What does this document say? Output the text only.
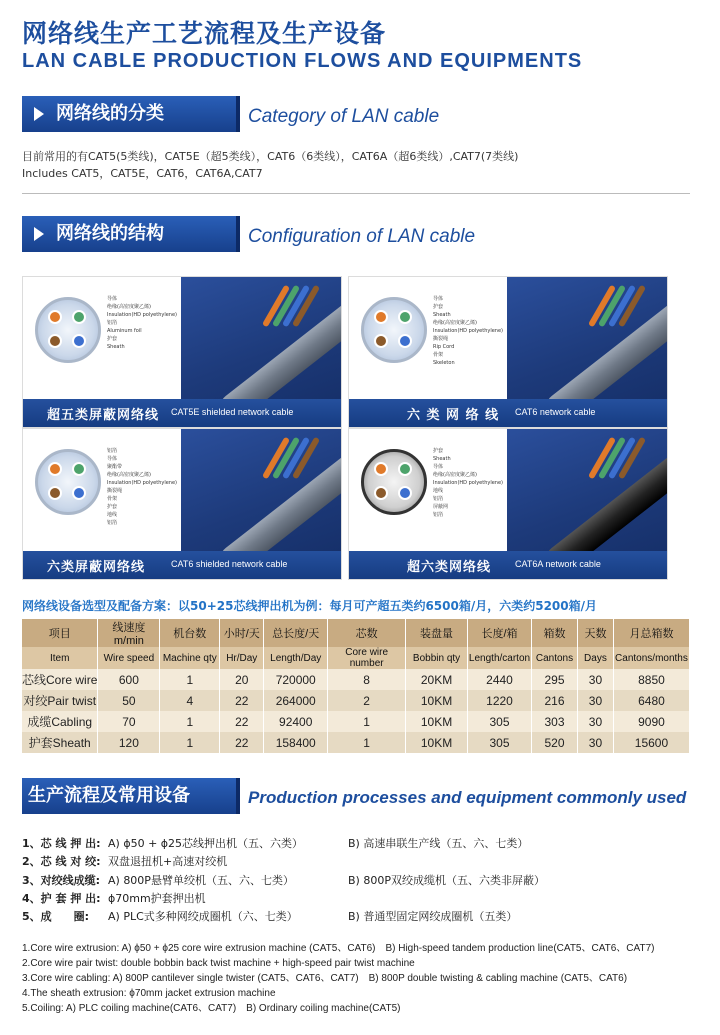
网络线生产工艺流程及生产设备
LAN CABLE PRODUCTION FLOWS AND EQUIPMENTS
网络线的分类	Category of LAN cable
目前常用的有CAT5(5类线)，CAT5E（超5类线），CAT6（6类线），CAT6A（超6类线）,CAT7(7类线)
Includes CAT5，CAT5E，CAT6，CAT6A,CAT7
网络线的结构	Configuration of LAN cable
导体
绝缘(高密度聚乙烯)
Insulation(HD polyethylene)
铝箔
Aluminum foil
护套
Sheath
超五类屏蔽网络线 CAT5E shielded network cable
导体
护套
Sheath
绝缘(高密度聚乙烯)
Insulation(HD polyethylene)
撕裂绳
Rip Cord
骨架
Skeleton
六 类 网 络 线 CAT6 network cable
铝箔
导体
聚酯带
绝缘(高密度聚乙烯)
Insulation(HD polyethylene)
撕裂绳
骨架
护套
地线
铝箔
六类屏蔽网络线	CAT6 shielded network cable
护套
Sheath
导体
绝缘(高密度聚乙烯)
Insulation(HD polyethylene)
地线
铝箔
屏蔽网
铝箔
超六类网络线	CAT6A network cable
网络线设备选型及配备方案：以50+25芯线押出机为例：每月可产超五类约6500箱/月，六类约5200箱/月
项目	线速度m/min	机台数	小时/天	总长度/天	芯数	装盘量	长度/箱	箱数	天数	月总箱数
Item	Wire speed	Machine qty	Hr/Day	Length/Day	Core wire number	Bobbin qty	Length/carton	Cantons	Days	Cantons/months
芯线Core wire	600	1	20	720000	8	20KM	2440	295	30	8850
对绞Pair twist	50	4	22	264000	2	10KM	1220	216	30	6480
成缆Cabling	70	1	22	92400	1	10KM	305	303	30	9090
护套Sheath	120	1	22	158400	1	10KM	305	520	30	15600
生产流程及常用设备	Production processes and equipment commonly used
1、芯 线 押 出: A) ϕ50 + ϕ25芯线押出机（五、六类）	B) 高速串联生产线（五、六、七类）
2、芯 线 对 绞: 双盘退扭机+高速对绞机
3、对绞线成缆: A) 800P悬臂单绞机（五、六、七类）	B) 800P双绞成缆机（五、六类非屏蔽）
4、护 套 押 出: ϕ70mm护套押出机
5、成　　圈: A) PLC式多种网绞成圈机（六、七类）	B) 普通型固定网绞成圈机（五类）
1.Core wire extrusion: A) ϕ50 + ϕ25 core wire extrusion machine (CAT5、CAT6)　B) High-speed tandem production line(CAT5、CAT6、CAT7)
2.Core wire pair twist: double bobbin back twist machine + high-speed pair twist machine
3.Core wire cabling: A) 800P cantilever single twister (CAT5、CAT6、CAT7)　B) 800P double twisting & cabling machine (CAT5、CAT6)
4.The sheath extrusion: ϕ70mm jacket extrusion machine
5.Coiling: A) PLC coiling machine(CAT6、CAT7)　B) Ordinary coiling machine(CAT5)
